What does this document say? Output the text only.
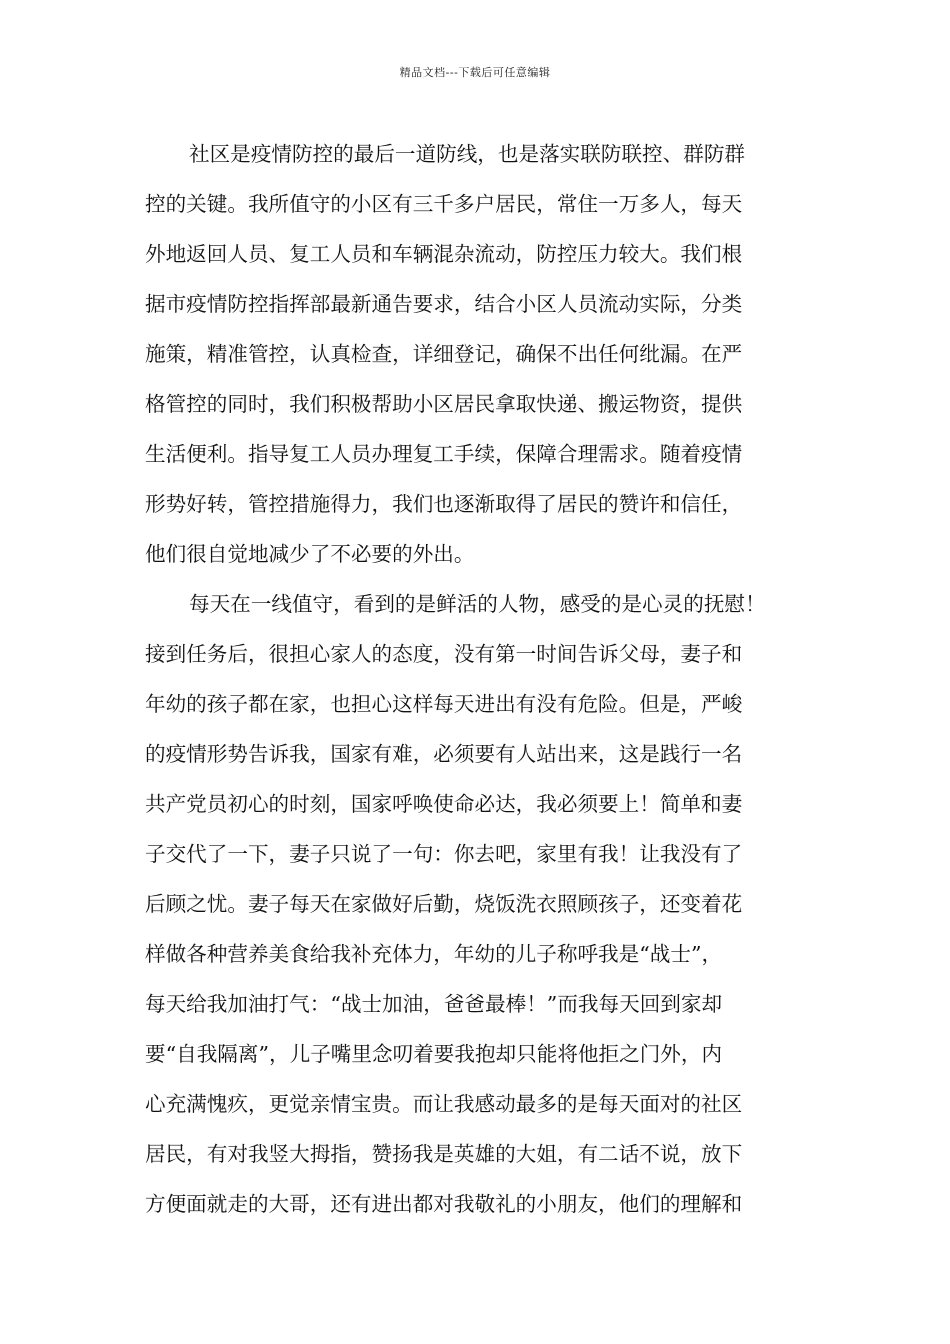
精品文档---下载后可任意编辑
社区是疫情防控的最后一道防线，也是落实联防联控、群防群
控的关键。我所值守的小区有三千多户居民，常住一万多人，每天
外地返回人员、复工人员和车辆混杂流动，防控压力较大。我们根
据市疫情防控指挥部最新通告要求，结合小区人员流动实际，分类
施策，精准管控，认真检查，详细登记，确保不出任何纰漏。在严
格管控的同时，我们积极帮助小区居民拿取快递、搬运物资，提供
生活便利。指导复工人员办理复工手续，保障合理需求。随着疫情
形势好转，管控措施得力，我们也逐渐取得了居民的赞许和信任，
他们很自觉地减少了不必要的外出。
每天在一线值守，看到的是鲜活的人物，感受的是心灵的抚慰！
接到任务后，很担心家人的态度，没有第一时间告诉父母，妻子和
年幼的孩子都在家，也担心这样每天进出有没有危险。但是，严峻
的疫情形势告诉我，国家有难，必须要有人站出来，这是践行一名
共产党员初心的时刻，国家呼唤使命必达，我必须要上！简单和妻
子交代了一下，妻子只说了一句：你去吧，家里有我！让我没有了
后顾之忧。妻子每天在家做好后勤，烧饭洗衣照顾孩子，还变着花
样做各种营养美食给我补充体力，年幼的儿子称呼我是“战士”，
每天给我加油打气：“战士加油，爸爸最棒！”而我每天回到家却
要“自我隔离”，儿子嘴里念叨着要我抱却只能将他拒之门外，内
心充满愧疚，更觉亲情宝贵。而让我感动最多的是每天面对的社区
居民，有对我竖大拇指，赞扬我是英雄的大姐，有二话不说，放下
方便面就走的大哥，还有进出都对我敬礼的小朋友，他们的理解和
